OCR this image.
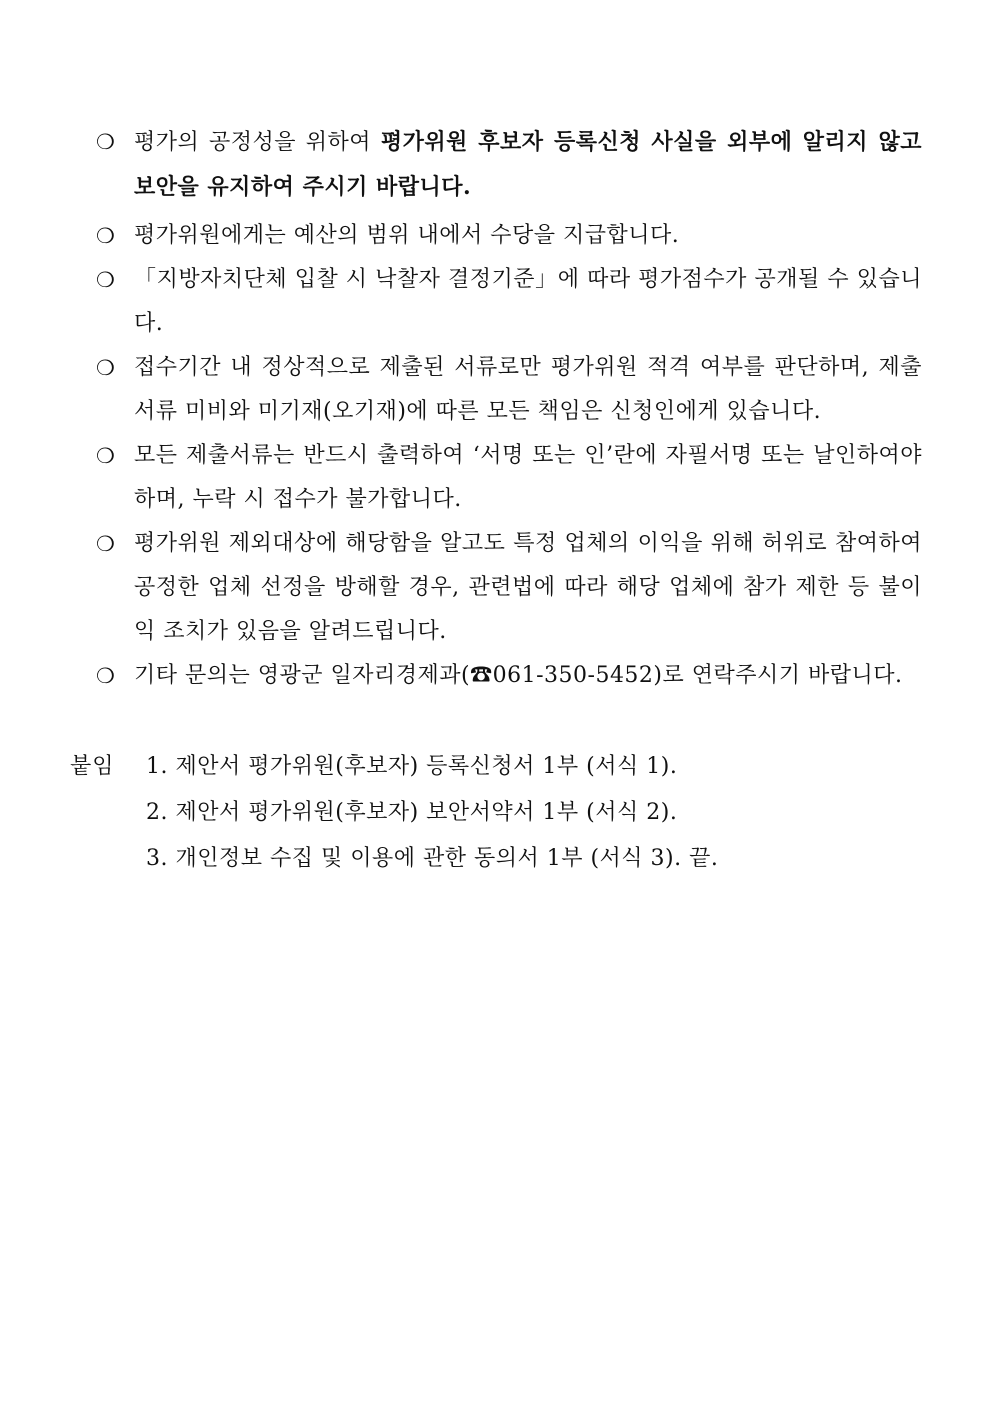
❍ 평가의 공정성을 위하여 평가위원 후보자 등록신청 사실을 외부에 알리지 않고 보안을 유지하여 주시기 바랍니다.
❍ 평가위원에게는 예산의 범위 내에서 수당을 지급합니다.
❍ 「지방자치단체 입찰 시 낙찰자 결정기준」에 따라 평가점수가 공개될 수 있습니다.
❍ 접수기간 내 정상적으로 제출된 서류로만 평가위원 적격 여부를 판단하며, 제출서류 미비와 미기재(오기재)에 따른 모든 책임은 신청인에게 있습니다.
❍ 모든 제출서류는 반드시 출력하여 ‘서명 또는 인’란에 자필서명 또는 날인하여야 하며, 누락 시 접수가 불가합니다.
❍ 평가위원 제외대상에 해당함을 알고도 특정 업체의 이익을 위해 허위로 참여하여 공정한 업체 선정을 방해할 경우, 관련법에 따라 해당 업체에 참가 제한 등 불이익 조치가 있음을 알려드립니다.
❍ 기타 문의는 영광군 일자리경제과(☎061-350-5452)로 연락주시기 바랍니다.
붙임 1. 제안서 평가위원(후보자) 등록신청서 1부 (서식 1).
2. 제안서 평가위원(후보자) 보안서약서 1부 (서식 2).
3. 개인정보 수집 및 이용에 관한 동의서 1부 (서식 3). 끝.
